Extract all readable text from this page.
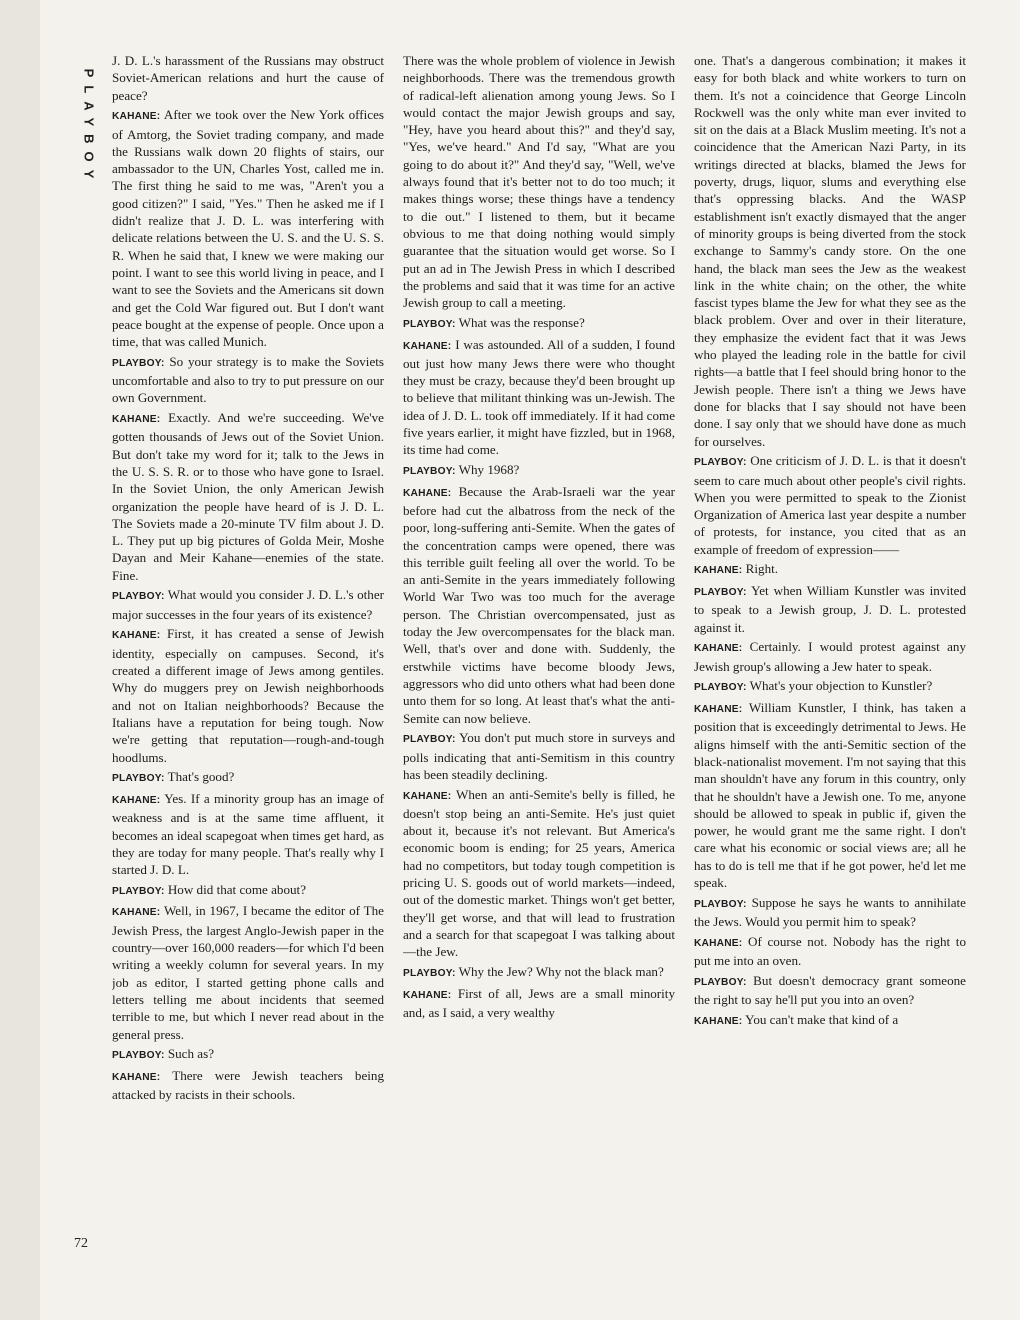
PLAYBOY

J. D. L.'s harassment of the Russians may obstruct Soviet-American relations and hurt the cause of peace?

KAHANE: After we took over the New York offices of Amtorg, the Soviet trading company, and made the Russians walk down 20 flights of stairs, our ambassador to the UN, Charles Yost, called me in. The first thing he said to me was, "Aren't you a good citizen?" I said, "Yes." Then he asked me if I didn't realize that J. D. L. was interfering with delicate relations between the U. S. and the U. S. S. R. When he said that, I knew we were making our point. I want to see this world living in peace, and I want to see the Soviets and the Americans sit down and get the Cold War figured out. But I don't want peace bought at the expense of people. Once upon a time, that was called Munich.

PLAYBOY: So your strategy is to make the Soviets uncomfortable and also to try to put pressure on our own Government.

KAHANE: Exactly. And we're succeeding. We've gotten thousands of Jews out of the Soviet Union. But don't take my word for it; talk to the Jews in the U. S. S. R. or to those who have gone to Israel. In the Soviet Union, the only American Jewish organization the people have heard of is J. D. L. The Soviets made a 20-minute TV film about J. D. L. They put up big pictures of Golda Meir, Moshe Dayan and Meir Kahane—enemies of the state. Fine.

PLAYBOY: What would you consider J. D. L.'s other major successes in the four years of its existence?

KAHANE: First, it has created a sense of Jewish identity, especially on campuses. Second, it's created a different image of Jews among gentiles. Why do muggers prey on Jewish neighborhoods and not on Italian neighborhoods? Because the Italians have a reputation for being tough. Now we're getting that reputation—rough-and-tough hoodlums.

PLAYBOY: That's good?

KAHANE: Yes. If a minority group has an image of weakness and is at the same time affluent, it becomes an ideal scapegoat when times get hard, as they are today for many people. That's really why I started J. D. L.

PLAYBOY: How did that come about?

KAHANE: Well, in 1967, I became the editor of The Jewish Press, the largest Anglo-Jewish paper in the country—over 160,000 readers—for which I'd been writing a weekly column for several years. In my job as editor, I started getting phone calls and letters telling me about incidents that seemed terrible to me, but which I never read about in the general press.

PLAYBOY: Such as?

KAHANE: There were Jewish teachers being attacked by racists in their schools.

There was the whole problem of violence in Jewish neighborhoods. There was the tremendous growth of radical-left alienation among young Jews. So I would contact the major Jewish groups and say, "Hey, have you heard about this?" and they'd say, "Yes, we've heard." And I'd say, "What are you going to do about it?" And they'd say, "Well, we've always found that it's better not to do too much; it makes things worse; these things have a tendency to die out." I listened to them, but it became obvious to me that doing nothing would simply guarantee that the situation would get worse. So I put an ad in The Jewish Press in which I described the problems and said that it was time for an active Jewish group to call a meeting.

PLAYBOY: What was the response?

KAHANE: I was astounded. All of a sudden, I found out just how many Jews there were who thought they must be crazy, because they'd been brought up to believe that militant thinking was un-Jewish. The idea of J. D. L. took off immediately. If it had come five years earlier, it might have fizzled, but in 1968, its time had come.

PLAYBOY: Why 1968?

KAHANE: Because the Arab-Israeli war the year before had cut the albatross from the neck of the poor, long-suffering anti-Semite. When the gates of the concentration camps were opened, there was this terrible guilt feeling all over the world. To be an anti-Semite in the years immediately following World War Two was too much for the average person. The Christian overcompensated, just as today the Jew overcompensates for the black man. Well, that's over and done with. Suddenly, the erstwhile victims have become bloody Jews, aggressors who did unto others what had been done unto them for so long. At least that's what the anti-Semite can now believe.

PLAYBOY: You don't put much store in surveys and polls indicating that anti-Semitism in this country has been steadily declining.

KAHANE: When an anti-Semite's belly is filled, he doesn't stop being an anti-Semite. He's just quiet about it, because it's not relevant. But America's economic boom is ending; for 25 years, America had no competitors, but today tough competition is pricing U. S. goods out of world markets—indeed, out of the domestic market. Things won't get better, they'll get worse, and that will lead to frustration and a search for that scapegoat I was talking about—the Jew.

PLAYBOY: Why the Jew? Why not the black man?

KAHANE: First of all, Jews are a small minority and, as I said, a very wealthy

one. That's a dangerous combination; it makes it easy for both black and white workers to turn on them. It's not a coincidence that George Lincoln Rockwell was the only white man ever invited to sit on the dais at a Black Muslim meeting. It's not a coincidence that the American Nazi Party, in its writings directed at blacks, blamed the Jews for poverty, drugs, liquor, slums and everything else that's oppressing blacks. And the WASP establishment isn't exactly dismayed that the anger of minority groups is being diverted from the stock exchange to Sammy's candy store. On the one hand, the black man sees the Jew as the weakest link in the white chain; on the other, the white fascist types blame the Jew for what they see as the black problem. Over and over in their literature, they emphasize the evident fact that it was Jews who played the leading role in the battle for civil rights—a battle that I feel should bring honor to the Jewish people. There isn't a thing we Jews have done for blacks that I say should not have been done. I say only that we should have done as much for ourselves.

PLAYBOY: One criticism of J. D. L. is that it doesn't seem to care much about other people's civil rights. When you were permitted to speak to the Zionist Organization of America last year despite a number of protests, for instance, you cited that as an example of freedom of expression——

KAHANE: Right.

PLAYBOY: Yet when William Kunstler was invited to speak to a Jewish group, J. D. L. protested against it.

KAHANE: Certainly. I would protest against any Jewish group's allowing a Jew hater to speak.

PLAYBOY: What's your objection to Kunstler?

KAHANE: William Kunstler, I think, has taken a position that is exceedingly detrimental to Jews. He aligns himself with the anti-Semitic section of the black-nationalist movement. I'm not saying that this man shouldn't have any forum in this country, only that he shouldn't have a Jewish one. To me, anyone should be allowed to speak in public if, given the power, he would grant me the same right. I don't care what his economic or social views are; all he has to do is tell me that if he got power, he'd let me speak.

PLAYBOY: Suppose he says he wants to annihilate the Jews. Would you permit him to speak?

KAHANE: Of course not. Nobody has the right to put me into an oven.

PLAYBOY: But doesn't democracy grant someone the right to say he'll put you into an oven?

KAHANE: You can't make that kind of a

72
